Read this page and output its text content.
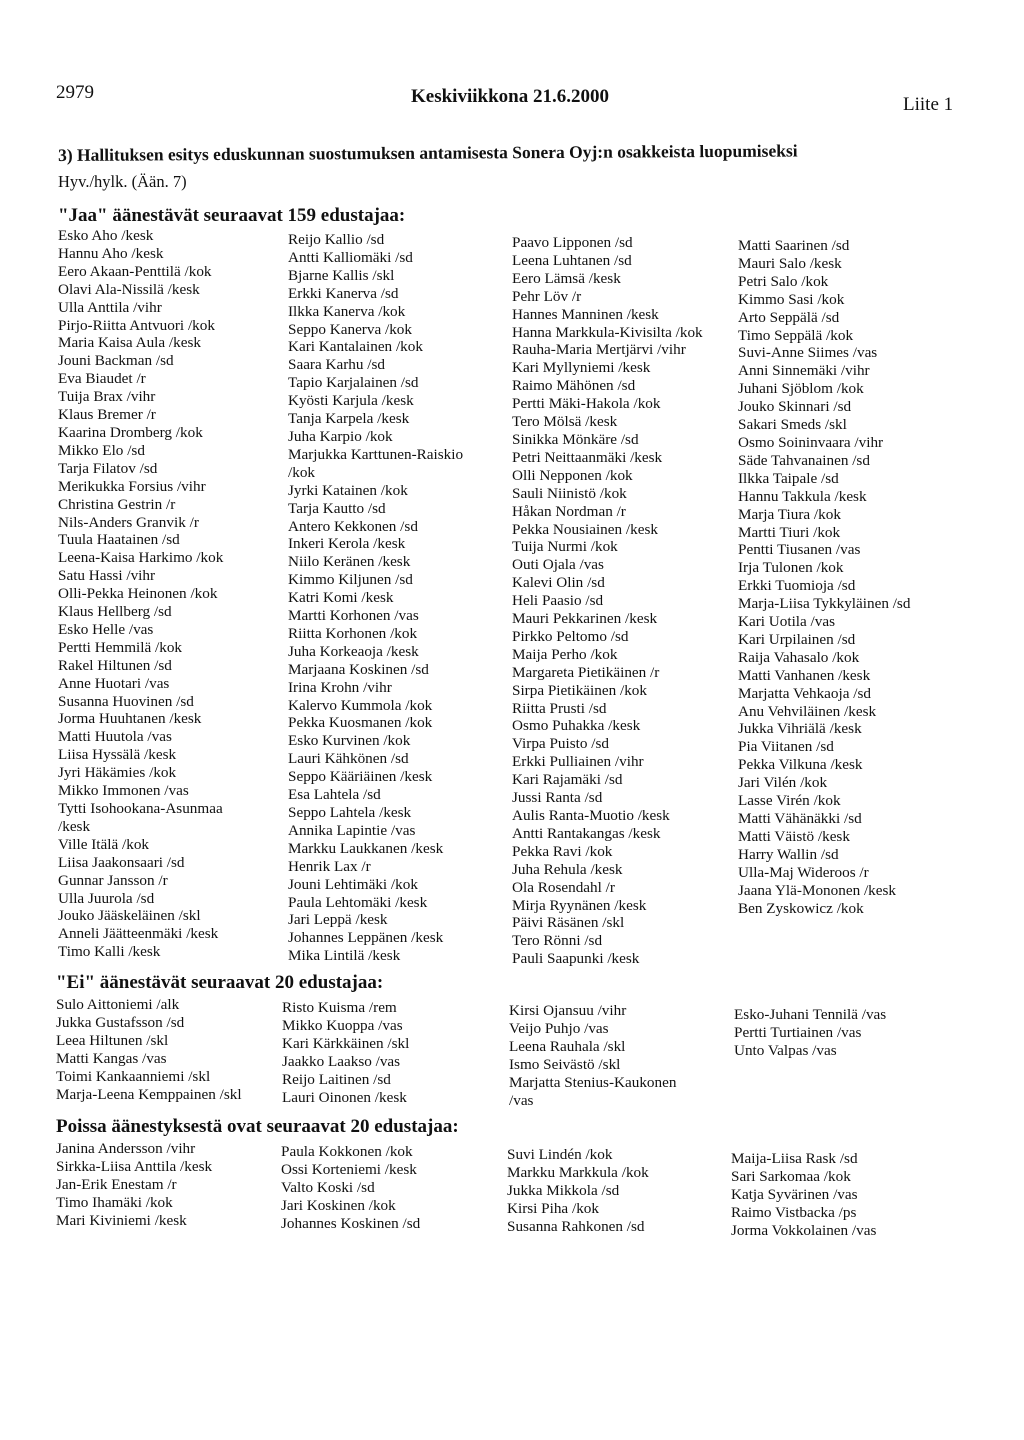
2979	Keskiviikkona 21.6.2000	Liite 1
3) Hallituksen esitys eduskunnan suostumuksen antamisesta Sonera Oyj:n osakkeista luopumiseksi
Hyv./hylk. (Ään. 7)
"Jaa" äänestävät seuraavat 159 edustajaa:
Esko Aho /kesk
Hannu Aho /kesk
Eero Akaan-Penttilä /kok
Olavi Ala-Nissilä /kesk
Ulla Anttila /vihr
Pirjo-Riitta Antvuori /kok
Maria Kaisa Aula /kesk
Jouni Backman /sd
Eva Biaudet /r
Tuija Brax /vihr
Klaus Bremer /r
Kaarina Dromberg /kok
Mikko Elo /sd
Tarja Filatov /sd
Merikukka Forsius /vihr
Christina Gestrin /r
Nils-Anders Granvik /r
Tuula Haatainen /sd
Leena-Kaisa Harkimo /kok
Satu Hassi /vihr
Olli-Pekka Heinonen /kok
Klaus Hellberg /sd
Esko Helle /vas
Pertti Hemmilä /kok
Rakel Hiltunen /sd
Anne Huotari /vas
Susanna Huovinen /sd
Jorma Huuhtanen /kesk
Matti Huutola /vas
Liisa Hyssälä /kesk
Jyri Häkämies /kok
Mikko Immonen /vas
Tytti Isohookana-Asunmaa
/kesk
Ville Itälä /kok
Liisa Jaakonsaari /sd
Gunnar Jansson /r
Ulla Juurola /sd
Jouko Jääskeläinen /skl
Anneli Jäätteenmäki /kesk
Timo Kalli /kesk
Reijo Kallio /sd
Antti Kalliomäki /sd
Bjarne Kallis /skl
Erkki Kanerva /sd
Ilkka Kanerva /kok
Seppo Kanerva /kok
Kari Kantalainen /kok
Saara Karhu /sd
Tapio Karjalainen /sd
Kyösti Karjula /kesk
Tanja Karpela /kesk
Juha Karpio /kok
Marjukka Karttunen-Raiskio
/kok
Jyrki Katainen /kok
Tarja Kautto /sd
Antero Kekkonen /sd
Inkeri Kerola /kesk
Niilo Keränen /kesk
Kimmo Kiljunen /sd
Katri Komi /kesk
Martti Korhonen /vas
Riitta Korhonen /kok
Juha Korkeaoja /kesk
Marjaana Koskinen /sd
Irina Krohn /vihr
Kalervo Kummola /kok
Pekka Kuosmanen /kok
Esko Kurvinen /kok
Lauri Kähkönen /sd
Seppo Kääriäinen /kesk
Esa Lahtela /sd
Seppo Lahtela /kesk
Annika Lapintie /vas
Markku Laukkanen /kesk
Henrik Lax /r
Jouni Lehtimäki /kok
Paula Lehtomäki /kesk
Jari Leppä /kesk
Johannes Leppänen /kesk
Mika Lintilä /kesk
Paavo Lipponen /sd
Leena Luhtanen /sd
Eero Lämsä /kesk
Pehr Löv /r
Hannes Manninen /kesk
Hanna Markkula-Kivisilta /kok
Rauha-Maria Mertjärvi /vihr
Kari Myllyniemi /kesk
Raimo Mähönen /sd
Pertti Mäki-Hakola /kok
Tero Mölsä /kesk
Sinikka Mönkäre /sd
Petri Neittaanmäki /kesk
Olli Nepponen /kok
Sauli Niinistö /kok
Håkan Nordman /r
Pekka Nousiainen /kesk
Tuija Nurmi /kok
Outi Ojala /vas
Kalevi Olin /sd
Heli Paasio /sd
Mauri Pekkarinen /kesk
Pirkko Peltomo /sd
Maija Perho /kok
Margareta Pietikäinen /r
Sirpa Pietikäinen /kok
Riitta Prusti /sd
Osmo Puhakka /kesk
Virpa Puisto /sd
Erkki Pulliainen /vihr
Kari Rajamäki /sd
Jussi Ranta /sd
Aulis Ranta-Muotio /kesk
Antti Rantakangas /kesk
Pekka Ravi /kok
Juha Rehula /kesk
Ola Rosendahl /r
Mirja Ryynänen /kesk
Päivi Räsänen /skl
Tero Rönni /sd
Pauli Saapunki /kesk
Matti Saarinen /sd
Mauri Salo /kesk
Petri Salo /kok
Kimmo Sasi /kok
Arto Seppälä /sd
Timo Seppälä /kok
Suvi-Anne Siimes /vas
Anni Sinnemäki /vihr
Juhani Sjöblom /kok
Jouko Skinnari /sd
Sakari Smeds /skl
Osmo Soininvaara /vihr
Säde Tahvanainen /sd
Ilkka Taipale /sd
Hannu Takkula /kesk
Marja Tiura /kok
Martti Tiuri /kok
Pentti Tiusanen /vas
Irja Tulonen /kok
Erkki Tuomioja /sd
Marja-Liisa Tykkyläinen /sd
Kari Uotila /vas
Kari Urpilainen /sd
Raija Vahasalo /kok
Matti Vanhanen /kesk
Marjatta Vehkaoja /sd
Anu Vehviläinen /kesk
Jukka Vihriälä /kesk
Pia Viitanen /sd
Pekka Vilkuna /kesk
Jari Vilén /kok
Lasse Virén /kok
Matti Vähänäkki /sd
Matti Väistö /kesk
Harry Wallin /sd
Ulla-Maj Wideroos /r
Jaana Ylä-Mononen /kesk
Ben Zyskowicz /kok
"Ei" äänestävät seuraavat 20 edustajaa:
Sulo Aittoniemi /alk
Jukka Gustafsson /sd
Leea Hiltunen /skl
Matti Kangas /vas
Toimi Kankaanniemi /skl
Marja-Leena Kemppainen /skl
Risto Kuisma /rem
Mikko Kuoppa /vas
Kari Kärkkäinen /skl
Jaakko Laakso /vas
Reijo Laitinen /sd
Lauri Oinonen /kesk
Kirsi Ojansuu /vihr
Veijo Puhjo /vas
Leena Rauhala /skl
Ismo Seivästö /skl
Marjatta Stenius-Kaukonen
/vas
Esko-Juhani Tennilä /vas
Pertti Turtiainen /vas
Unto Valpas /vas
Poissa äänestyksestä ovat seuraavat 20 edustajaa:
Janina Andersson /vihr
Sirkka-Liisa Anttila /kesk
Jan-Erik Enestam /r
Timo Ihamäki /kok
Mari Kiviniemi /kesk
Paula Kokkonen /kok
Ossi Korteniemi /kesk
Valto Koski /sd
Jari Koskinen /kok
Johannes Koskinen /sd
Suvi Lindén /kok
Markku Markkula /kok
Jukka Mikkola /sd
Kirsi Piha /kok
Susanna Rahkonen /sd
Maija-Liisa Rask /sd
Sari Sarkomaa /kok
Katja Syvärinen /vas
Raimo Vistbacka /ps
Jorma Vokkolainen /vas
